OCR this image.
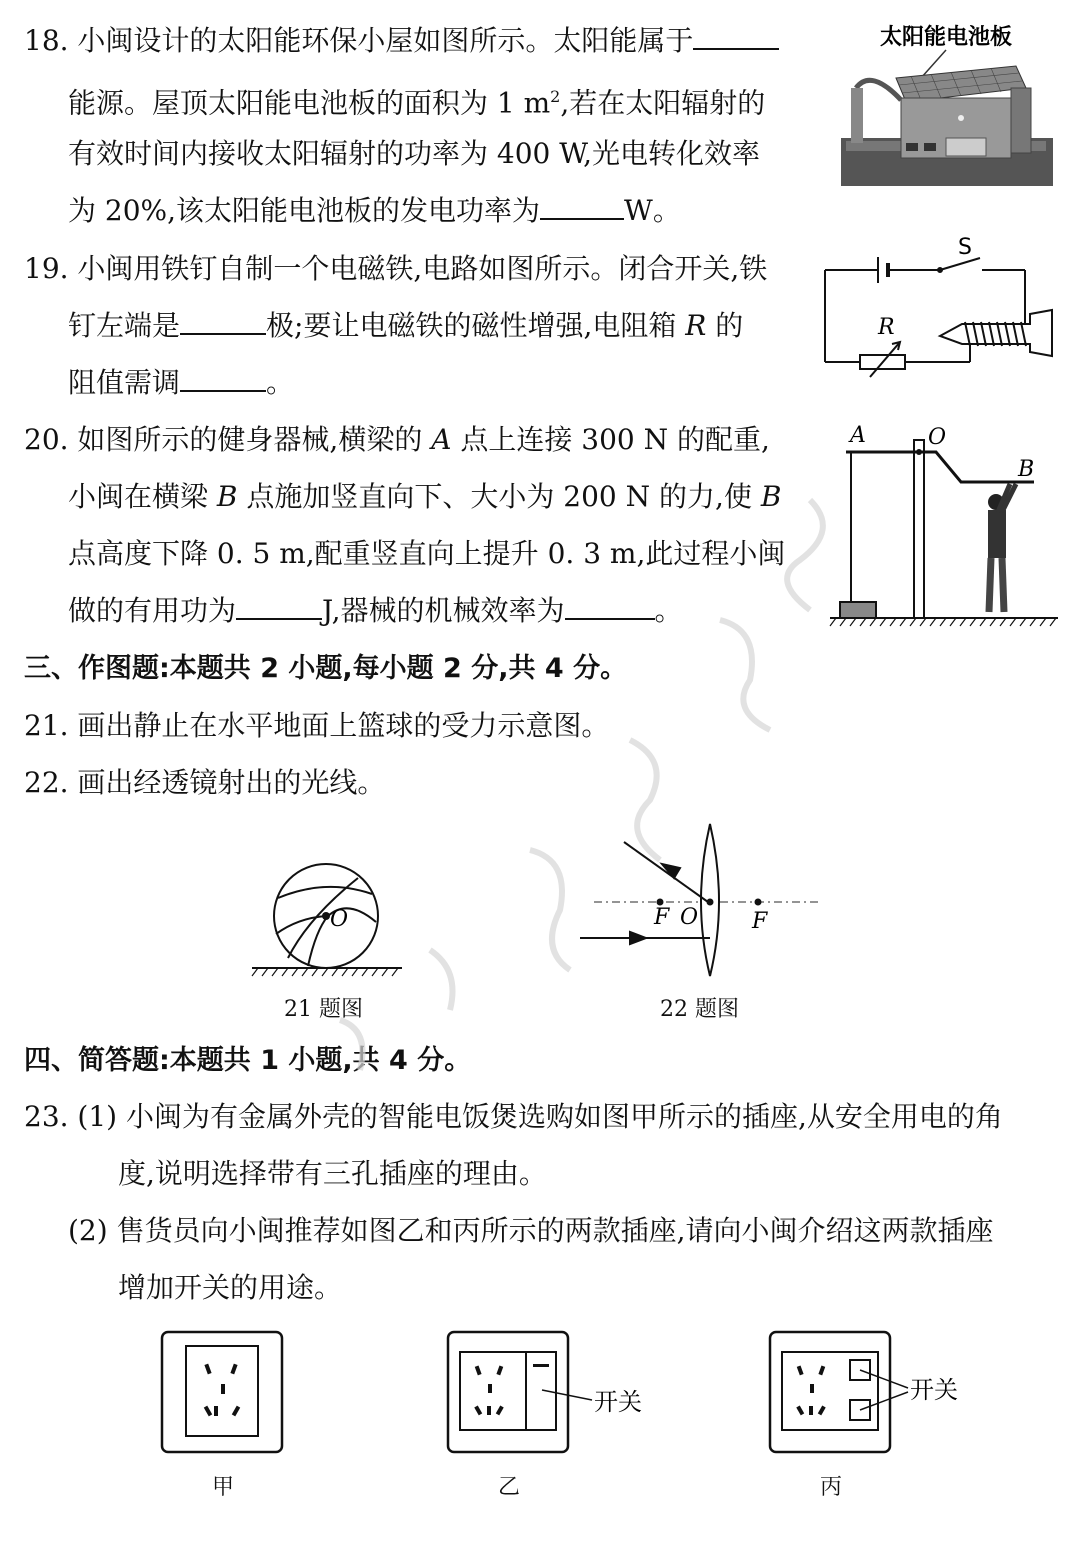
18. 小闽设计的太阳能环保小屋如图所示。太阳能属于
能源。屋顶太阳能电池板的面积为 1 $m^2$,若在太阳辐射的
有效时间内接收太阳辐射的功率为 400 W,光电转化效率
为 20%,该太阳能电池板的发电功率为	W。
太阳能电池板
19. 小闽用铁钉自制一个电磁铁,电路如图所示。闭合开关,铁
钉左端是	极;要让电磁铁的磁性增强,电阻箱 R 的
阻值需调	。
S
R
20. 如图所示的健身器械,横梁的 A 点上连接 300 N 的配重,
小闽在横梁 B 点施加竖直向下、大小为 200 N 的力,使 B
点高度下降 0. 5 m,配重竖直向上提升 0. 3 m,此过程小闽
做的有用功为	J,器械的机械效率为	。
A	O
B
三、作图题:本题共 2 小题,每小题 2 分,共 4 分。
21. 画出静止在水平地面上篮球的受力示意图。
22. 画出经透镜射出的光线。
O
21 题图
F O F
22 题图
四、简答题:本题共 1 小题,共 4 分。
23. (1) 小闽为有金属外壳的智能电饭煲选购如图甲所示的插座,从安全用电的角
度,说明选择带有三孔插座的理由。
(2) 售货员向小闽推荐如图乙和丙所示的两款插座,请向小闽介绍这两款插座
增加开关的用途。
甲
开关
乙
开关
丙
